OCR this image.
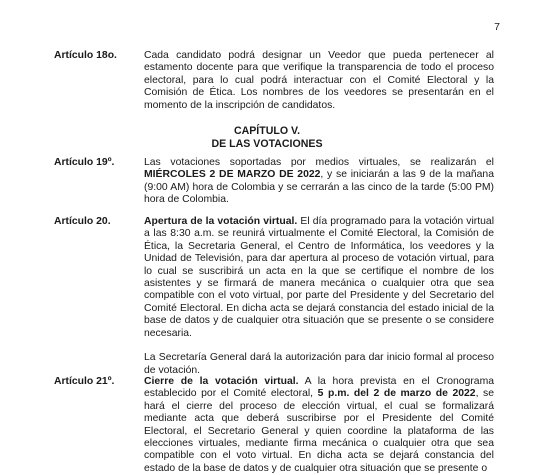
7
Artículo 18o.	Cada candidato podrá designar un Veedor que pueda pertenecer al estamento docente para que verifique la transparencia de todo el proceso electoral, para lo cual podrá interactuar con el Comité Electoral y la Comisión de Ética. Los nombres de los veedores se presentarán en el momento de la inscripción de candidatos.

CAPÍTULO V.
DE LAS VOTACIONES
Artículo 19º.	Las votaciones soportadas por medios virtuales, se realizarán el MIÉRCOLES 2 DE MARZO DE 2022, y se iniciarán a las 9 de la mañana (9:00 AM) hora de Colombia y se cerrarán a las cinco de la tarde (5:00 PM) hora de Colombia.

Artículo 20.	Apertura de la votación virtual. El día programado para la votación virtual a las 8:30 a.m. se reunirá virtualmente el Comité Electoral, la Comisión de Ética, la Secretaria General, el Centro de Informática, los veedores y la Unidad de Televisión, para dar apertura al proceso de votación virtual, para lo cual se suscribirá un acta en la que se certifique el nombre de los asistentes y se firmará de manera mecánica o cualquier otra que sea compatible con el voto virtual, por parte del Presidente y del Secretario del Comité Electoral. En dicha acta se dejará constancia del estado inicial de la base de datos y de cualquier otra situación que se presente o se considere necesaria.

La Secretaría General dará la autorización para dar inicio formal al proceso de votación.

Artículo 21º.	Cierre de la votación virtual. A la hora prevista en el Cronograma establecido por el Comité electoral, 5 p.m. del 2 de marzo de 2022, se hará el cierre del proceso de elección virtual, el cual se formalizará mediante acta que deberá suscribirse por el Presidente del Comité Electoral, el Secretario General y quien coordine la plataforma de las elecciones virtuales, mediante firma mecánica o cualquier otra que sea compatible con el voto virtual. En dicha acta se dejará constancia del estado de la base de datos y de cualquier otra situación que se presente o
